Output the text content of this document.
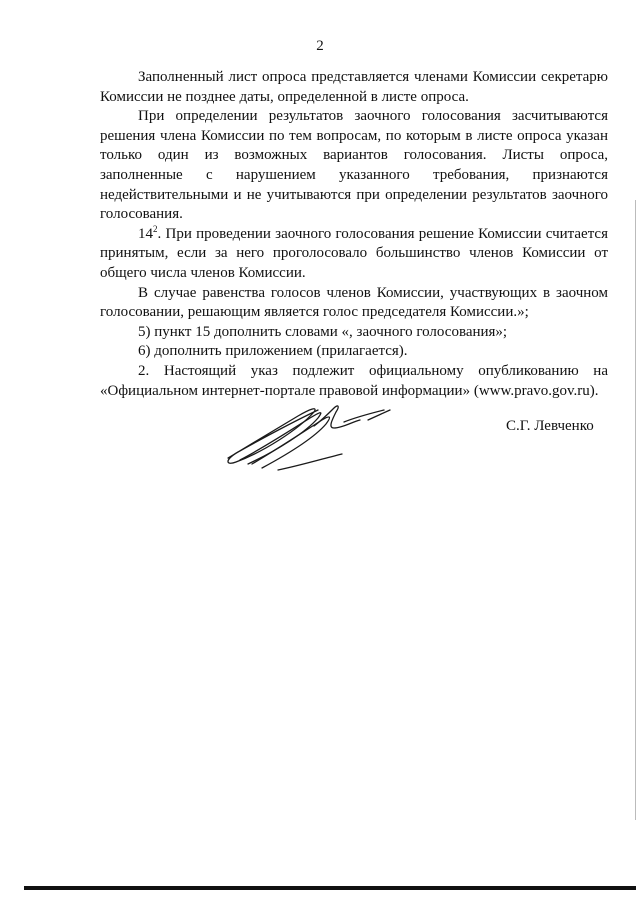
2

Заполненный лист опроса представляется членами Комиссии секретарю Комиссии не позднее даты, определенной в листе опроса.

При определении результатов заочного голосования засчитываются решения члена Комиссии по тем вопросам, по которым в листе опроса указан только один из возможных вариантов голосования. Листы опроса, заполненные с нарушением указанного требования, признаются недействительными и не учитываются при определении результатов заочного голосования.

$14^2$. При проведении заочного голосования решение Комиссии считается принятым, если за него проголосовало большинство членов Комиссии от общего числа членов Комиссии.

В случае равенства голосов членов Комиссии, участвующих в заочном голосовании, решающим является голос председателя Комиссии.»;

5) пункт 15 дополнить словами «, заочного голосования»;

6) дополнить приложением (прилагается).

2. Настоящий указ подлежит официальному опубликованию на «Официальном интернет-портале правовой информации» (www.pravo.gov.ru).

С.Г. Левченко
